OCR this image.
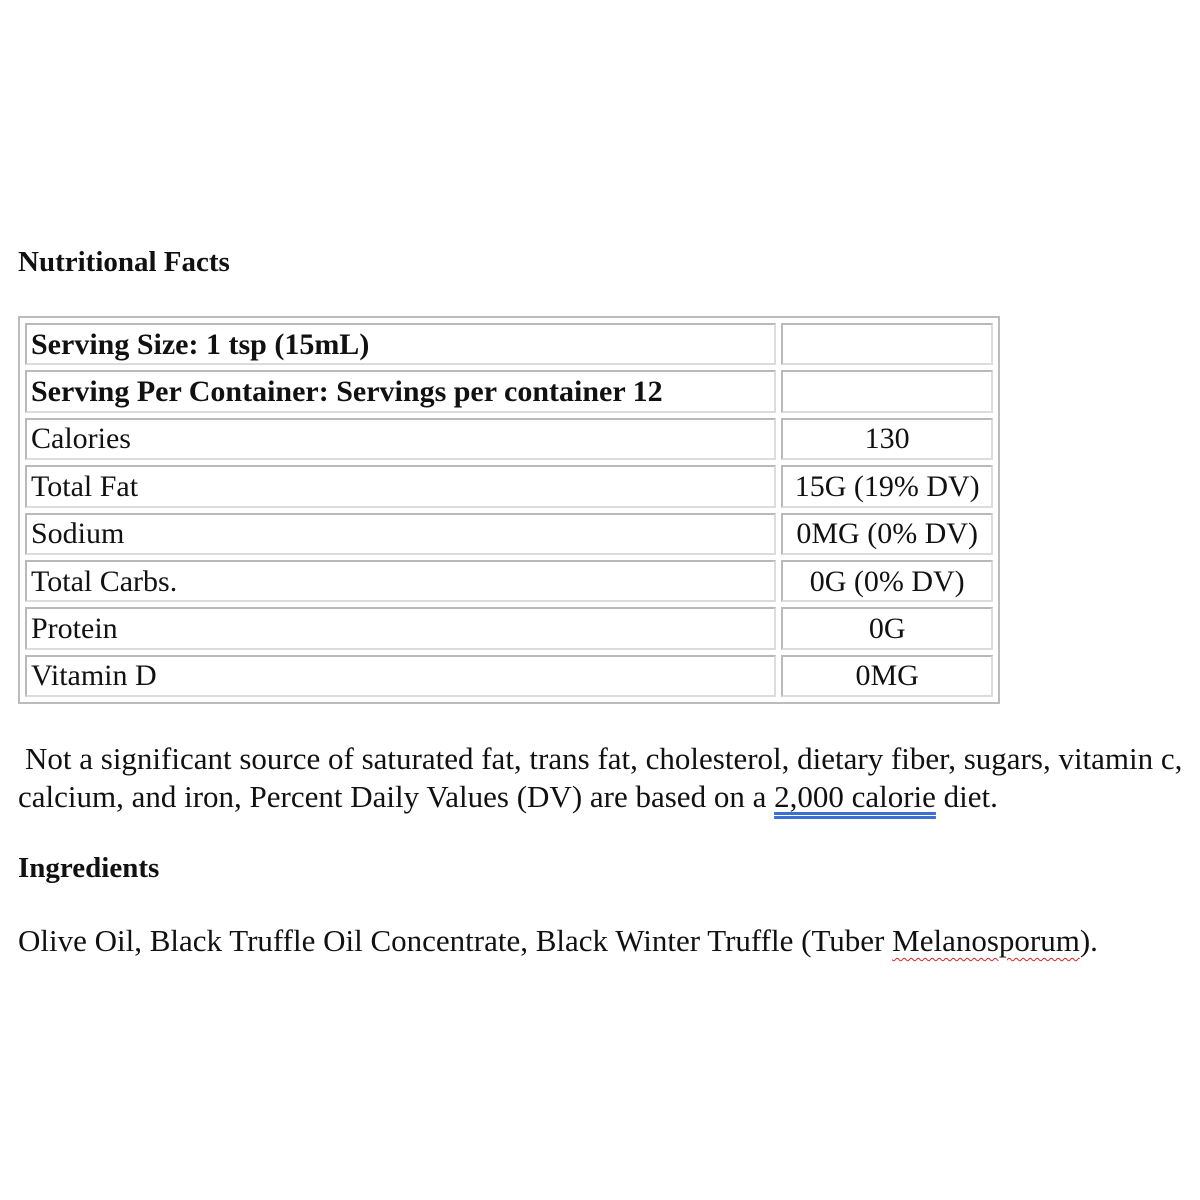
Nutritional Facts
Serving Size: 1 tsp (15mL)	
Serving Per Container: Servings per container 12	
Calories	130
Total Fat	15G (19% DV)
Sodium	0MG (0% DV)
Total Carbs.	0G (0% DV)
Protein	0G
Vitamin D	0MG

Not a significant source of saturated fat, trans fat, cholesterol, dietary fiber, sugars, vitamin c, calcium, and iron, Percent Daily Values (DV) are based on a 2,000 calorie diet.

Ingredients

Olive Oil, Black Truffle Oil Concentrate, Black Winter Truffle (Tuber Melanosporum).
